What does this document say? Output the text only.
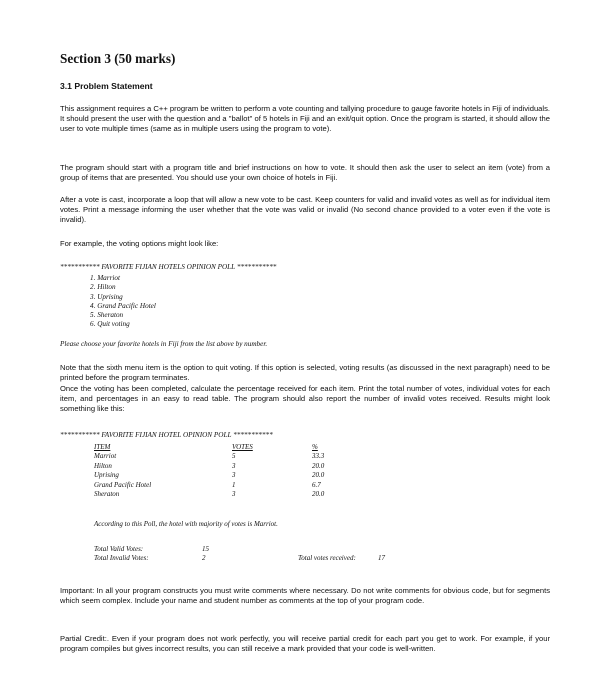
Section 3 (50 marks)
3.1 Problem Statement

This assignment requires a C++ program be written to perform a vote counting and tallying procedure to gauge favorite hotels in Fiji of individuals. It should present the user with the question and a "ballot" of 5 hotels in Fiji and an exit/quit option. Once the program is started, it should allow the user to vote multiple times (same as in multiple users using the program to vote).

The program should start with a program title and brief instructions on how to vote. It should then ask the user to select an item (vote) from a group of items that are presented. You should use your own choice of hotels in Fiji.

After a vote is cast, incorporate a loop that will allow a new vote to be cast. Keep counters for valid and invalid votes as well as for individual item votes. Print a message informing the user whether that the vote was valid or invalid (No second chance provided to a voter even if the vote is invalid).

For example, the voting options might look like:

*********** FAVORITE FIJIAN HOTELS OPINION POLL ***********
1. Marriot
2. Hilton
3. Uprising
4. Grand Pacific Hotel
5. Sheraton
6. Quit voting
Please choose your favorite hotels in Fiji from the list above by number.

Note that the sixth menu item is the option to quit voting. If this option is selected, voting results (as discussed in the next paragraph) need to be printed before the program terminates.

Once the voting has been completed, calculate the percentage received for each item. Print the total number of votes, individual votes for each item, and percentages in an easy to read table. The program should also report the number of invalid votes received. Results might look something like this:

*********** FAVORITE FIJIAN HOTEL OPINION POLL ***********
ITEM	VOTES	%
Marriot	5	33.3
Hilton	3	20.0
Uprising	3	20.0
Grand Pacific Hotel	1	6.7
Sheraton	3	20.0
According to this Poll, the hotel with majority of votes is Marriot.
Total Valid Votes:	15
Total Invalid Votes:	2	Total votes received:	17

Important: In all your program constructs you must write comments where necessary. Do not write comments for obvious code, but for segments which seem complex. Include your name and student number as comments at the top of your program code.

Partial Credit:. Even if your program does not work perfectly, you will receive partial credit for each part you get to work. For example, if your program compiles but gives incorrect results, you can still receive a mark provided that your code is well-written.
